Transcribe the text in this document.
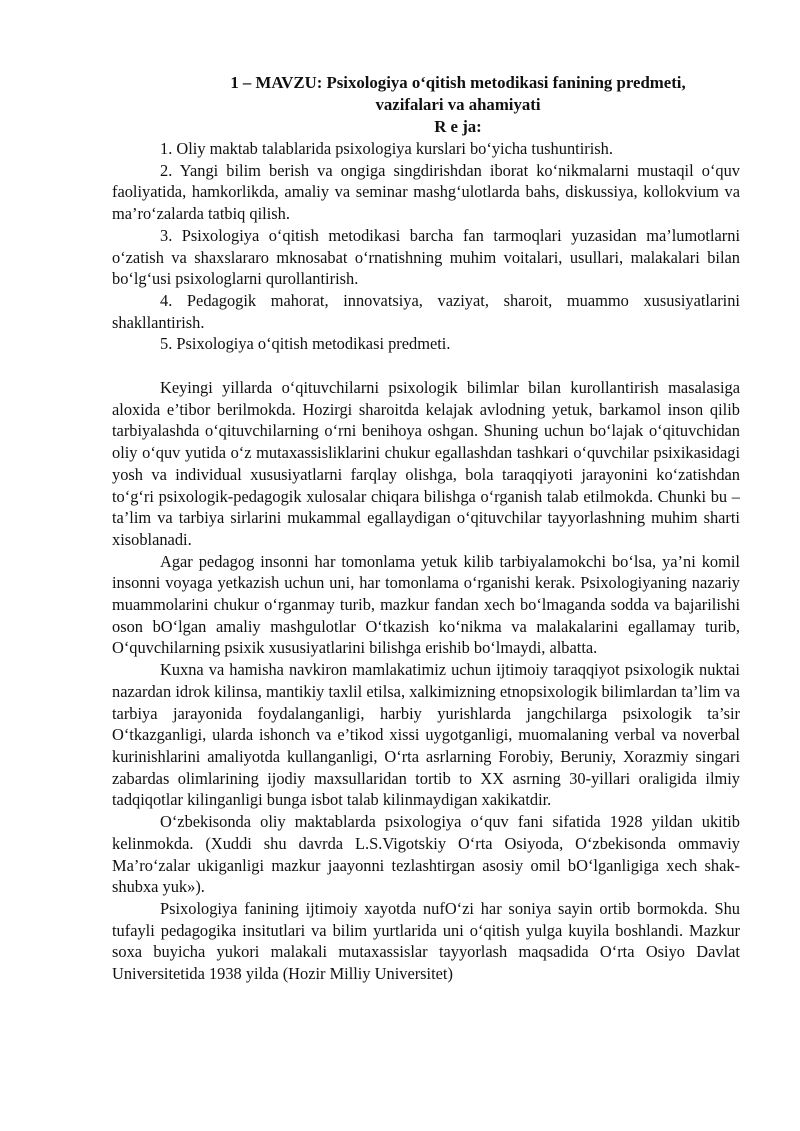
1 – MAVZU: Psixologiya o‘qitish metodikasi fanining predmeti,
vazifalari va ahamiyati
R e ja:
1. Oliy maktab talablarida psixologiya kurslari bo‘yicha tushuntirish.
2. Yangi bilim berish va ongiga singdirishdan iborat ko‘nikmalarni mustaqil o‘quv faoliyatida, hamkorlikda, amaliy va seminar mashg‘ulotlarda bahs, diskussiya, kollokvium va ma’ro‘zalarda tatbiq qilish.
3. Psixologiya o‘qitish metodikasi barcha fan tarmoqlari yuzasidan ma’lumotlarni o‘zatish va shaxslararo mknosabat o‘rnatishning muhim voitalari, usullari, malakalari bilan bo‘lg‘usi psixologlarni qurollantirish.
4. Pedagogik mahorat, innovatsiya, vaziyat, sharoit, muammo xususiyatlarini shakllantirish.
5. Psixologiya o‘qitish metodikasi predmeti.

Keyingi yillarda o‘qituvchilarni psixologik bilimlar bilan kurollantirish masalasiga aloxida e’tibor berilmokda. Hozirgi sharoitda kelajak avlodning yetuk, barkamol inson qilib tarbiyalashda o‘qituvchilarning o‘rni benihoya oshgan. Shuning uchun bo‘lajak o‘qituvchidan oliy o‘quv yutida o‘z mutaxassisliklarini chukur egallashdan tashkari o‘quvchilar psixikasidagi yosh va individual xususiyatlarni farqlay olishga, bola taraqqiyoti jarayonini ko‘zatishdan to‘g‘ri psixologik-pedagogik xulosalar chiqara bilishga o‘rganish talab etilmokda. Chunki bu – ta’lim va tarbiya sirlarini mukammal egallaydigan o‘qituvchilar tayyorlashning muhim sharti xisoblanadi.

Agar pedagog insonni har tomonlama yetuk kilib tarbiyalamokchi bo‘lsa, ya’ni komil insonni voyaga yetkazish uchun uni, har tomonlama o‘rganishi kerak. Psixologiyaning nazariy muammolarini chukur o‘rganmay turib, mazkur fandan xech bo‘lmaganda sodda va bajarilishi oson bO‘lgan amaliy mashgulotlar O‘tkazish ko‘nikma va malakalarini egallamay turib, O‘quvchilarning psixik xususiyatlarini bilishga erishib bo‘lmaydi, albatta.

Kuxna va hamisha navkiron mamlakatimiz uchun ijtimoiy taraqqiyot psixologik nuktai nazardan idrok kilinsa, mantikiy taxlil etilsa, xalkimizning etnopsixologik bilimlardan ta’lim va tarbiya jarayonida foydalanganligi, harbiy yurishlarda jangchilarga psixologik ta’sir O‘tkazganligi, ularda ishonch va e’tikod xissi uygotganligi, muomalaning verbal va noverbal kurinishlarini amaliyotda kullanganligi, O‘rta asrlarning Forobiy, Beruniy, Xorazmiy singari zabardas olimlarining ijodiy maxsullaridan tortib to XX asrning 30-yillari oraligida ilmiy tadqiqotlar kilinganligi bunga isbot talab kilinmaydigan xakikatdir.

O‘zbekisonda oliy maktablarda psixologiya o‘quv fani sifatida 1928 yildan ukitib kelinmokda. (Xuddi shu davrda L.S.Vigotskiy O‘rta Osiyoda, O‘zbekisonda ommaviy Ma’ro‘zalar ukiganligi mazkur jaayonni tezlashtirgan asosiy omil bO‘lganligiga xech shak-shubxa yuk»).

Psixologiya fanining ijtimoiy xayotda nufO‘zi har soniya sayin ortib bormokda. Shu tufayli pedagogika insitutlari va bilim yurtlarida uni o‘qitish yulga kuyila boshlandi. Mazkur soxa buyicha yukori malakali mutaxassislar tayyorlash maqsadida O‘rta Osiyo Davlat Universitetida 1938 yilda (Hozir Milliy Universitet)
